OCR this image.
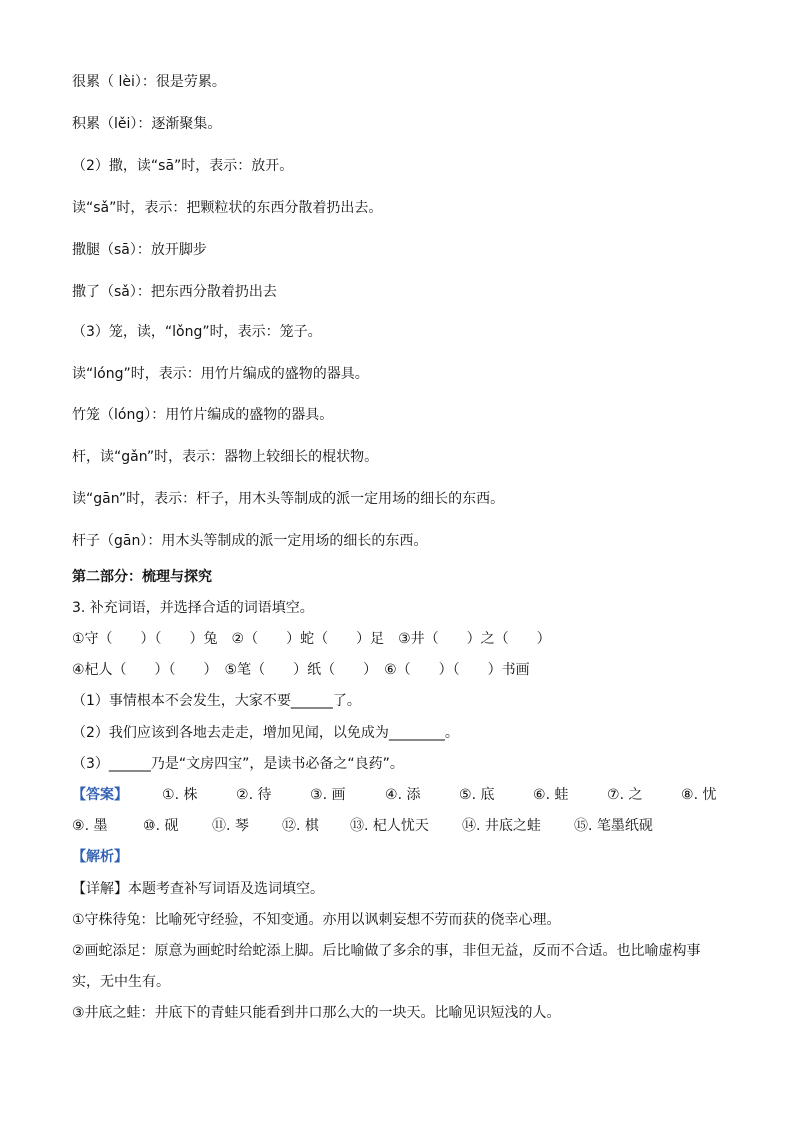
很累（ lèi）：很是劳累。
积累（lěi）：逐渐聚集。
（2）撒，读“sā”时，表示：放开。
读“sǎ”时，表示：把颗粒状的东西分散着扔出去。
撒腿（sā）：放开脚步
撒了（sǎ）：把东西分散着扔出去
（3）笼，读，“lǒng”时，表示：笼子。
读“lóng”时，表示：用竹片编成的盛物的器具。
竹笼（lóng）：用竹片编成的盛物的器具。
杆，读“gǎn”时，表示：器物上较细长的棍状物。
读“gān”时，表示：杆子，用木头等制成的派一定用场的细长的东西。
杆子（gān）：用木头等制成的派一定用场的细长的东西。
第二部分：梳理与探究
3. 补充词语，并选择合适的词语填空。
①守（　　）（　　）兔　②（　　）蛇（　　）足　③井（　　）之（　　）
④杞人（　　）（　　）　⑤笔（　　）纸（　　）　⑥（　　）（　　）书画
（1）事情根本不会发生，大家不要______了。
（2）我们应该到各地去走走，增加见闻，以免成为________。
（3）______乃是“文房四宝”，是读书必备之“良药”。
【答案】 ①. 株	②. 待	③. 画	④. 添	⑤. 底	⑥. 蛙	⑦. 之	⑧. 忧
⑨. 墨	⑩. 砚 ⑪. 琴 ⑫. 棋 ⑬. 杞人忧天 ⑭. 井底之蛙 ⑮. 笔墨纸砚
【解析】
【详解】本题考查补写词语及选词填空。
①守株待兔：比喻死守经验，不知变通。亦用以讽刺妄想不劳而获的侥幸心理。
②画蛇添足：原意为画蛇时给蛇添上脚。后比喻做了多余的事，非但无益，反而不合适。也比喻虚构事
实，无中生有。
③井底之蛙：井底下的青蛙只能看到井口那么大的一块天。比喻见识短浅的人。
